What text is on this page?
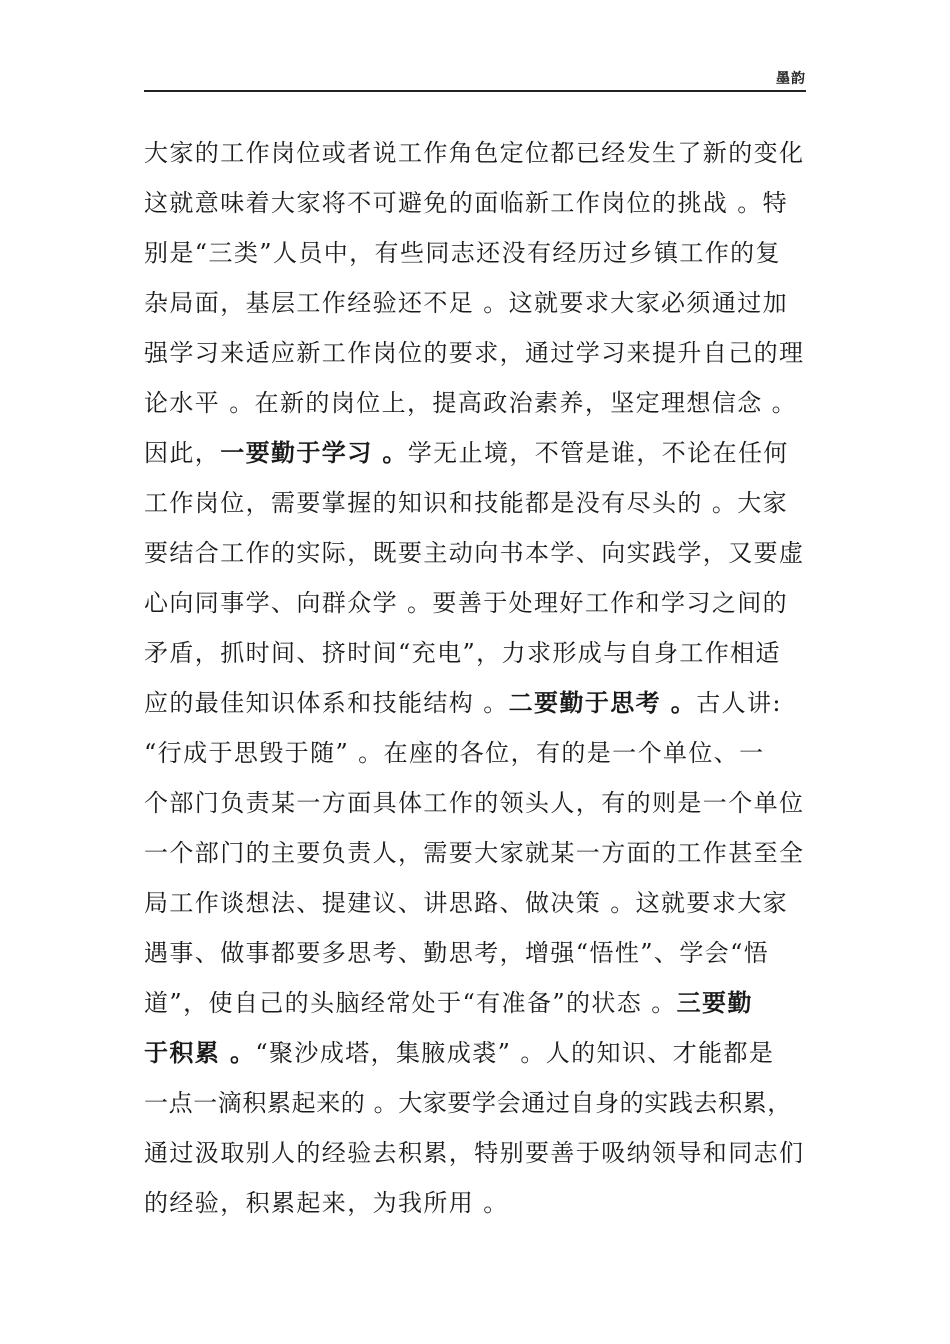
墨韵
大家的工作岗位或者说工作角色定位都已经发生了新的变化
这就意味着大家将不可避免的面临新工作岗位的挑战 。特
别是“三类”人员中，有些同志还没有经历过乡镇工作的复
杂局面，基层工作经验还不足 。这就要求大家必须通过加
强学习来适应新工作岗位的要求，通过学习来提升自己的理
论水平 。在新的岗位上，提高政治素养，坚定理想信念 。
因此，一要勤于学习 。学无止境，不管是谁，不论在任何
工作岗位，需要掌握的知识和技能都是没有尽头的 。大家
要结合工作的实际，既要主动向书本学、向实践学，又要虚
心向同事学、向群众学 。要善于处理好工作和学习之间的
矛盾，抓时间、挤时间“充电”，力求形成与自身工作相适
应的最佳知识体系和技能结构 。二要勤于思考 。古人讲:
“行成于思毁于随” 。在座的各位，有的是一个单位、一
个部门负责某一方面具体工作的领头人，有的则是一个单位
一个部门的主要负责人，需要大家就某一方面的工作甚至全
局工作谈想法、提建议、讲思路、做决策 。这就要求大家
遇事、做事都要多思考、勤思考，增强“悟性”、学会“悟
道”，使自己的头脑经常处于“有准备”的状态 。三要勤
于积累 。“聚沙成塔，集腋成裘” 。人的知识、才能都是
一点一滴积累起来的 。大家要学会通过自身的实践去积累，
通过汲取别人的经验去积累，特别要善于吸纳领导和同志们
的经验，积累起来，为我所用 。
